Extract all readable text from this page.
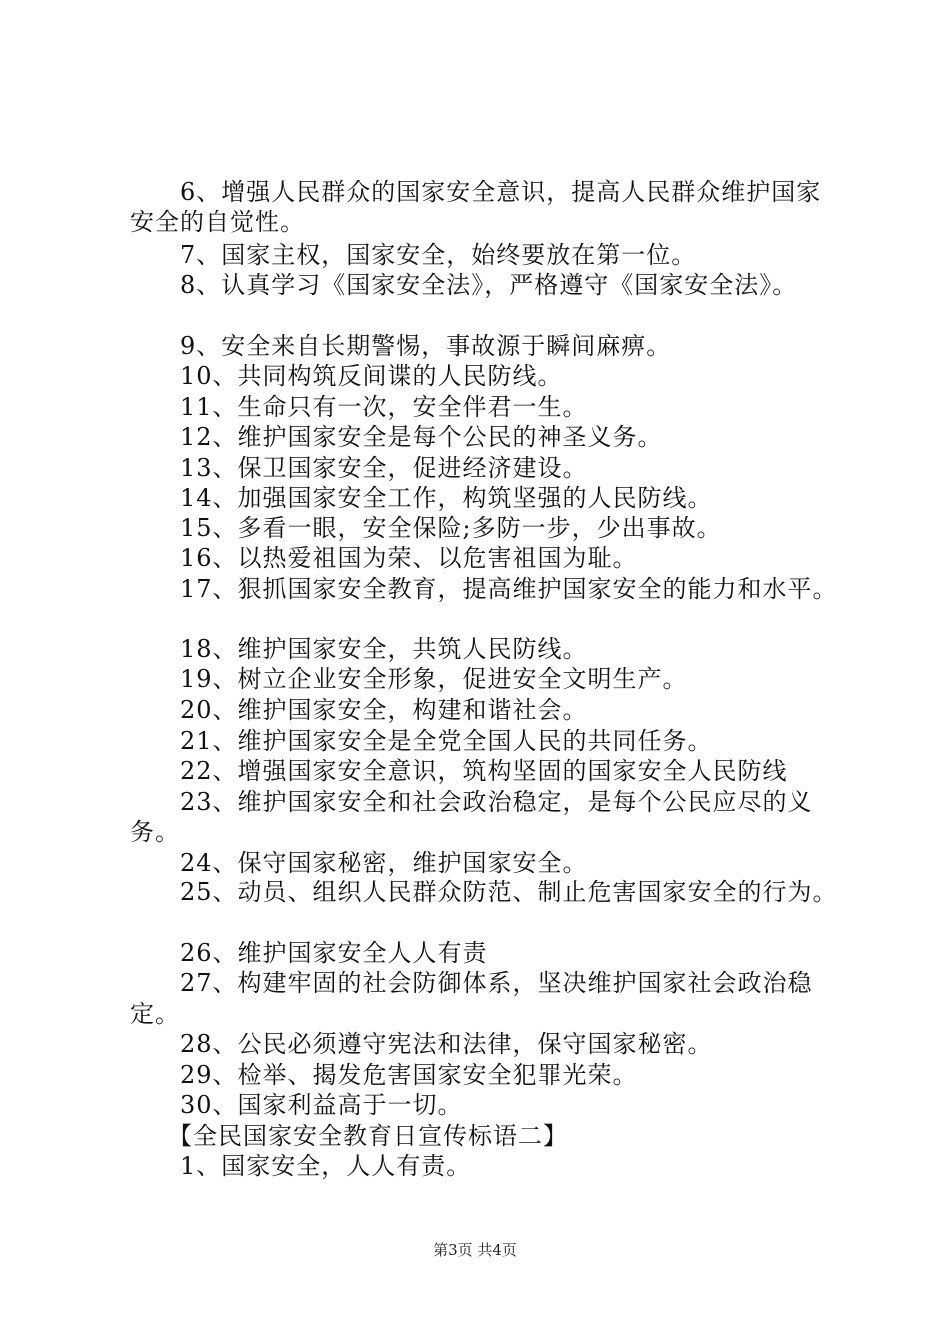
　　6、增强人民群众的国家安全意识，提高人民群众维护国家
安全的自觉性。
　　7、国家主权，国家安全，始终要放在第一位。
　　8、认真学习《国家安全法》，严格遵守《国家安全法》。
　　9、安全来自长期警惕，事故源于瞬间麻痹。
　　10、共同构筑反间谍的人民防线。
　　11、生命只有一次，安全伴君一生。
　　12、维护国家安全是每个公民的神圣义务。
　　13、保卫国家安全，促进经济建设。
　　14、加强国家安全工作，构筑坚强的人民防线。
　　15、多看一眼，安全保险;多防一步，少出事故。
　　16、以热爱祖国为荣、以危害祖国为耻。
　　17、狠抓国家安全教育，提高维护国家安全的能力和水平。
　　18、维护国家安全，共筑人民防线。
　　19、树立企业安全形象，促进安全文明生产。
　　20、维护国家安全，构建和谐社会。
　　21、维护国家安全是全党全国人民的共同任务。
　　22、增强国家安全意识，筑构坚固的国家安全人民防线
　　23、维护国家安全和社会政治稳定，是每个公民应尽的义
务。
　　24、保守国家秘密，维护国家安全。
　　25、动员、组织人民群众防范、制止危害国家安全的行为。
　　26、维护国家安全人人有责
　　27、构建牢固的社会防御体系，坚决维护国家社会政治稳
定。
　　28、公民必须遵守宪法和法律，保守国家秘密。
　　29、检举、揭发危害国家安全犯罪光荣。
　　30、国家利益高于一切。
　　【全民国家安全教育日宣传标语二】
　　1、国家安全，人人有责。
第3页 共4页
